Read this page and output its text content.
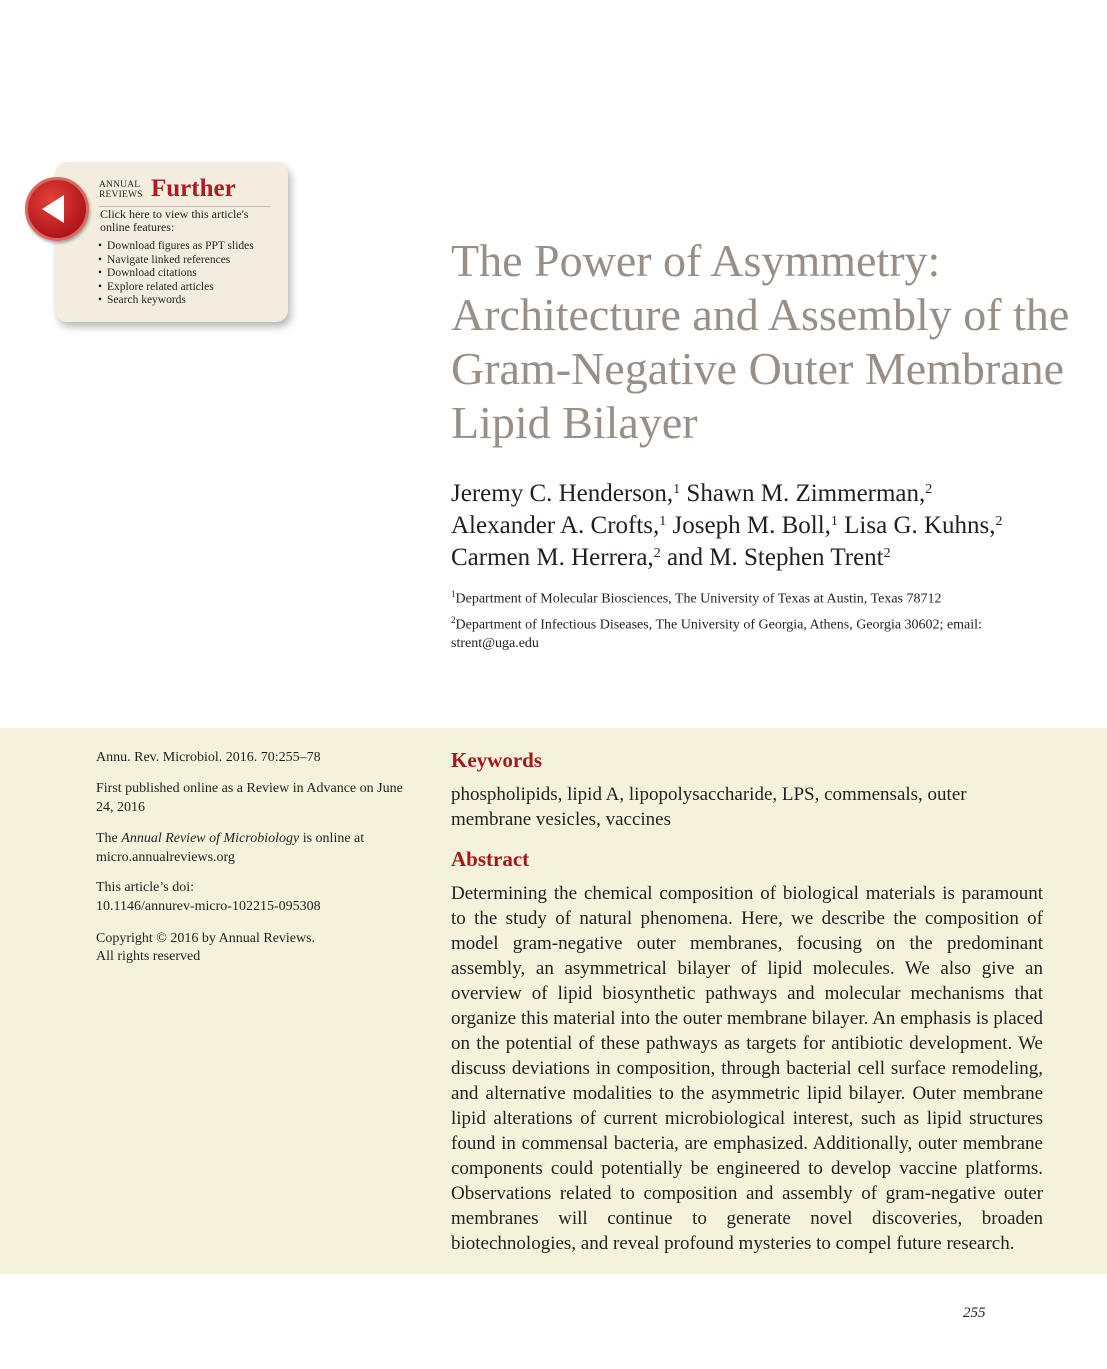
ANNUAL
REVIEWS Further
Click here to view this article's online features:
• Download figures as PPT slides
• Navigate linked references
• Download citations
• Explore related articles
• Search keywords
The Power of Asymmetry: Architecture and Assembly of the Gram-Negative Outer Membrane Lipid Bilayer
Jeremy C. Henderson,$^1$ Shawn M. Zimmerman,$^2$
Alexander A. Crofts,$^1$ Joseph M. Boll,$^1$ Lisa G. Kuhns,$^2$
Carmen M. Herrera,$^2$ and M. Stephen Trent$^2$
$^1$Department of Molecular Biosciences, The University of Texas at Austin, Texas 78712
$^2$Department of Infectious Diseases, The University of Georgia, Athens, Georgia 30602; email: strent@uga.edu
Annu. Rev. Microbiol. 2016. 70:255–78
First published online as a Review in Advance on June 24, 2016
The Annual Review of Microbiology is online at micro.annualreviews.org
This article’s doi:
10.1146/annurev-micro-102215-095308
Copyright © 2016 by Annual Reviews.
All rights reserved
Keywords
phospholipids, lipid A, lipopolysaccharide, LPS, commensals, outer membrane vesicles, vaccines
Abstract
Determining the chemical composition of biological materials is paramount to the study of natural phenomena. Here, we describe the composition of model gram-negative outer membranes, focusing on the predominant assembly, an asymmetrical bilayer of lipid molecules. We also give an overview of lipid biosynthetic pathways and molecular mechanisms that organize this material into the outer membrane bilayer. An emphasis is placed on the potential of these pathways as targets for antibiotic development. We discuss deviations in composition, through bacterial cell surface remodeling, and alternative modalities to the asymmetric lipid bilayer. Outer membrane lipid alterations of current microbiological interest, such as lipid structures found in commensal bacteria, are emphasized. Additionally, outer membrane components could potentially be engineered to develop vaccine platforms. Observations related to composition and assembly of gram-negative outer membranes will continue to generate novel discoveries, broaden biotechnologies, and reveal profound mysteries to compel future research.
255
